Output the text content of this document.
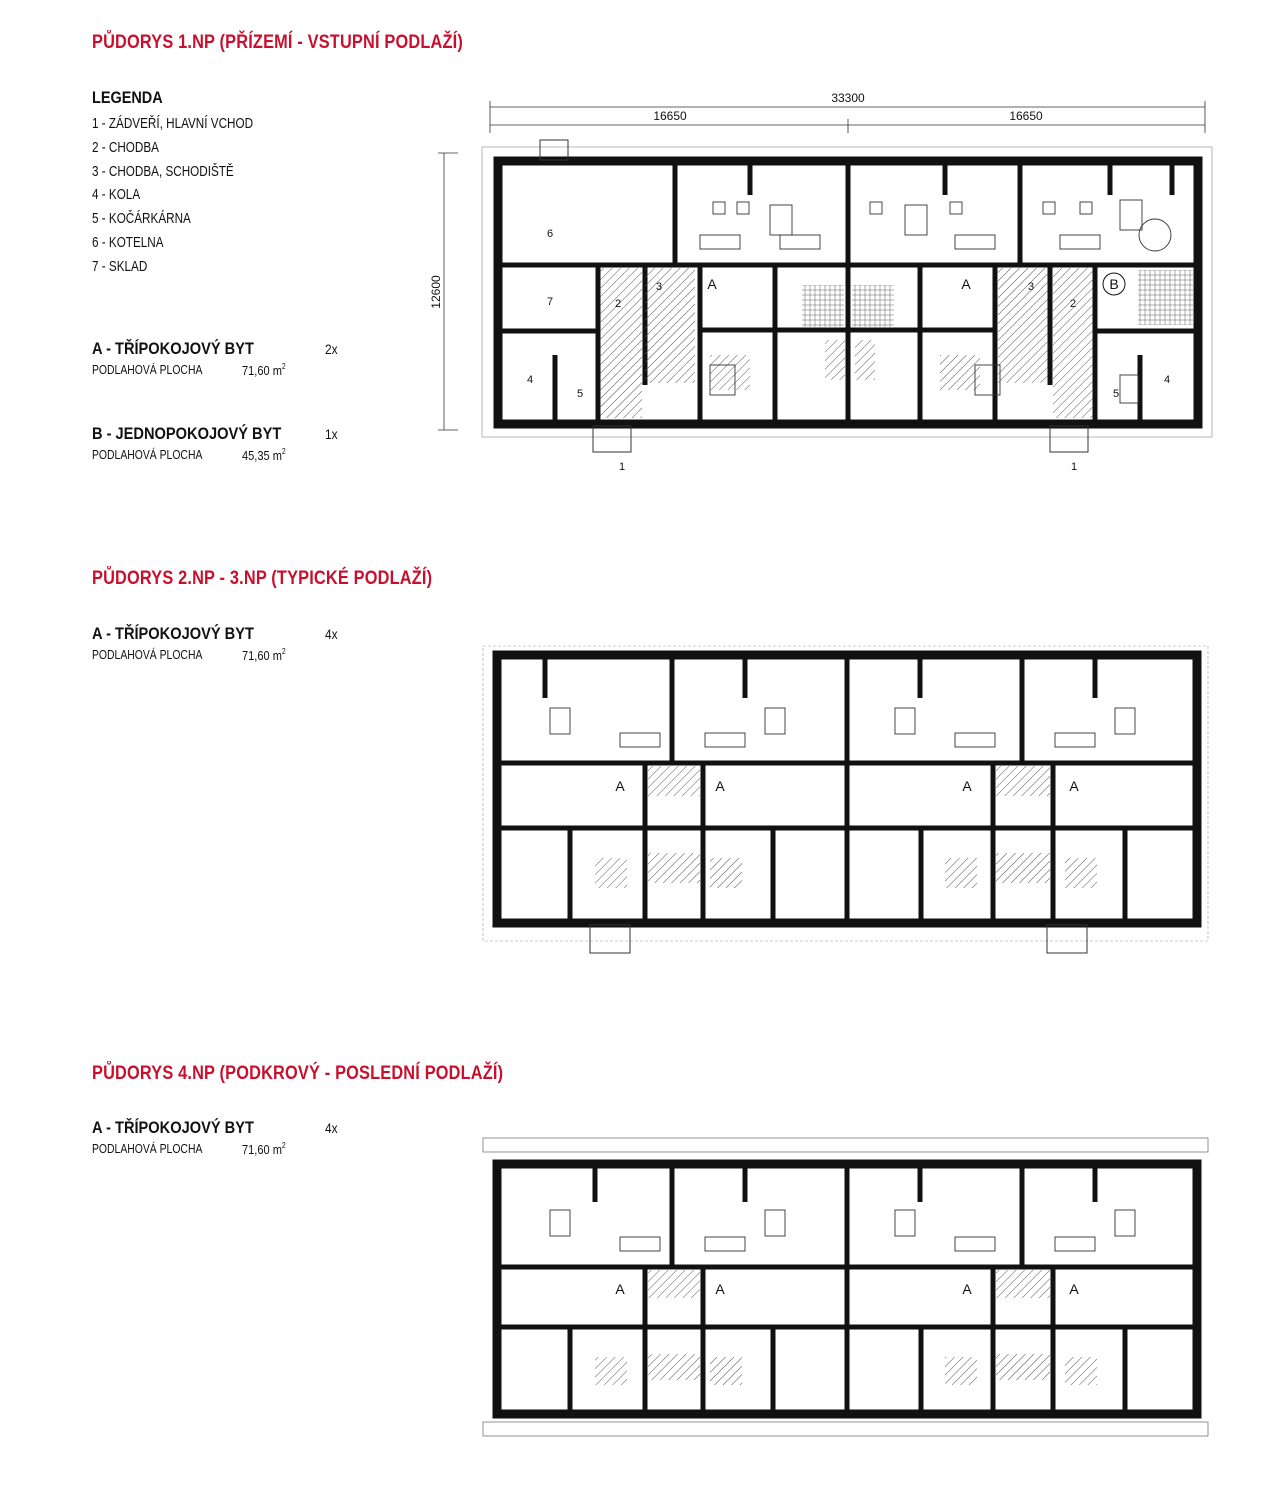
PŮDORYS 1.NP (PŘÍZEMÍ - VSTUPNÍ PODLAŽÍ)
LEGENDA
1 - ZÁDVEŘÍ, HLAVNÍ VCHOD
2 - CHODBA
3 - CHODBA, SCHODIŠTĚ
4 - KOLA
5 - KOČÁRKÁRNA
6 - KOTELNA
7 - SKLAD
A - TŘÍPOKOJOVÝ BYT	2x
PODLAHOVÁ PLOCHA	71,60 $m^2$
B - JEDNOPOKOJOVÝ BYT	1x
PODLAHOVÁ PLOCHA	45,35 $m^2$
33300
16650	16650
12600
1	1
2	2
3	3
4	4
5	5
6
7
A	A	B
PŮDORYS 2.NP - 3.NP (TYPICKÉ PODLAŽÍ)
A - TŘÍPOKOJOVÝ BYT	4x
PODLAHOVÁ PLOCHA	71,60 $m^2$
A	A	A	A
PŮDORYS 4.NP (PODKROVÝ - POSLEDNÍ PODLAŽÍ)
A - TŘÍPOKOJOVÝ BYT	4x
PODLAHOVÁ PLOCHA	71,60 $m^2$
A	A	A	A
